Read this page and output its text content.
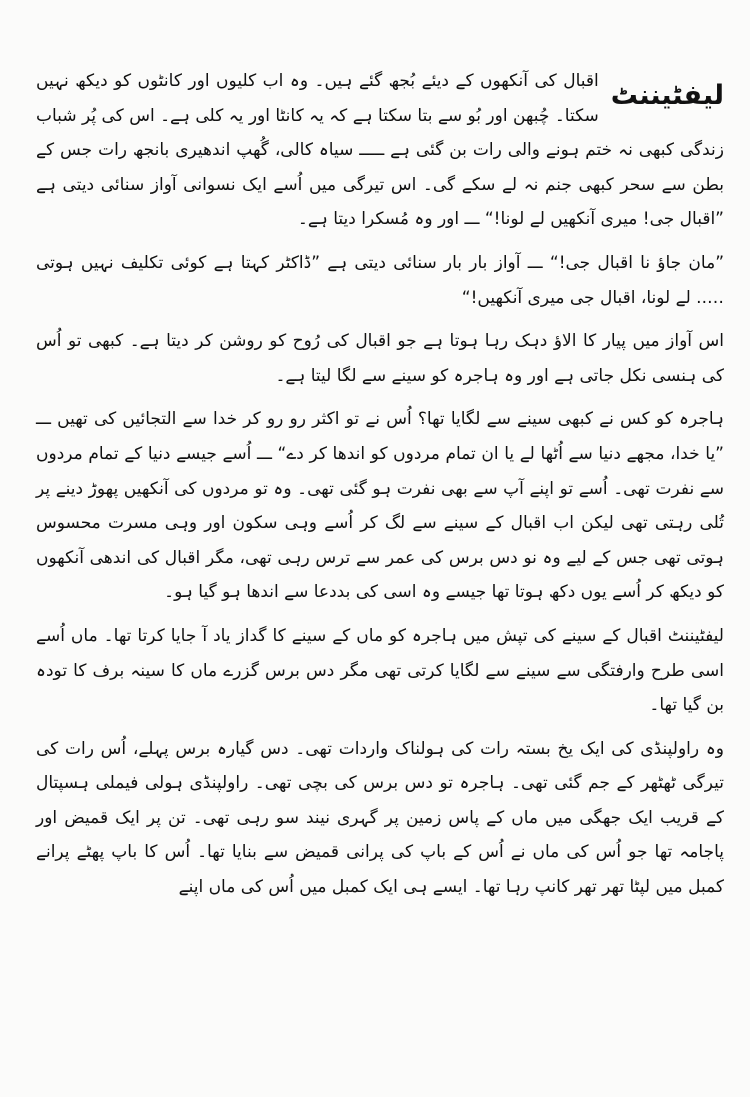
لیفٹیننٹ

اقبال کی آنکھوں کے دیئے بُجھ گئے ہیں۔ وہ اب کلیوں اور کانٹوں کو دیکھ نہیں سکتا۔ چُبھن اور بُو سے بتا سکتا ہے کہ یہ کانٹا اور یہ کلی ہے۔ اس کی پُر شباب زندگی کبھی نہ ختم ہونے والی رات بن گئی ہے ـــــ سیاہ کالی، گُھپ اندھیری بانجھ رات جس کے بطن سے سحر کبھی جنم نہ لے سکے گی۔ اس تیرگی میں اُسے ایک نسوانی آواز سنائی دیتی ہے ”اقبال جی! میری آنکھیں لے لونا!“ ـــ اور وہ مُسکرا دیتا ہے۔

”مان جاؤ نا اقبال جی!“ ـــ آواز بار بار سنائی دیتی ہے ”ڈاکٹر کہتا ہے کوئی تکلیف نہیں ہوتی ….. لے لونا، اقبال جی میری آنکھیں!“

اس آواز میں پیار کا الاؤ دہک رہا ہوتا ہے جو اقبال کی رُوح کو روشن کر دیتا ہے۔ کبھی تو اُس کی ہنسی نکل جاتی ہے اور وہ ہاجرہ کو سینے سے لگا لیتا ہے۔

ہاجرہ کو کس نے کبھی سینے سے لگایا تھا؟ اُس نے تو اکثر رو رو کر خدا سے التجائیں کی تھیں ـــ ”یا خدا، مجھے دنیا سے اُٹھا لے یا ان تمام مردوں کو اندھا کر دے“ ـــ اُسے جیسے دنیا کے تمام مردوں سے نفرت تھی۔ اُسے تو اپنے آپ سے بھی نفرت ہو گئی تھی۔ وہ تو مردوں کی آنکھیں پھوڑ دینے پر تُلی رہتی تھی لیکن اب اقبال کے سینے سے لگ کر اُسے وہی سکون اور وہی مسرت محسوس ہوتی تھی جس کے لیے وہ نو دس برس کی عمر سے ترس رہی تھی، مگر اقبال کی اندھی آنکھوں کو دیکھ کر اُسے یوں دکھ ہوتا تھا جیسے وہ اسی کی بددعا سے اندھا ہو گیا ہو۔

لیفٹیننٹ اقبال کے سینے کی تپش میں ہاجرہ کو ماں کے سینے کا گداز یاد آ جایا کرتا تھا۔ ماں اُسے اسی طرح وارفتگی سے سینے سے لگایا کرتی تھی مگر دس برس گزرے ماں کا سینہ برف کا تودہ بن گیا تھا۔

وہ راولپنڈی کی ایک یخ بستہ رات کی ہولناک واردات تھی۔ دس گیارہ برس پہلے، اُس رات کی تیرگی ٹھٹھر کے جم گئی تھی۔ ہاجرہ تو دس برس کی بچی تھی۔ راولپنڈی ہولی فیملی ہسپتال کے قریب ایک جھگی میں ماں کے پاس زمین پر گہری نیند سو رہی تھی۔ تن پر ایک قمیض اور پاجامہ تھا جو اُس کی ماں نے اُس کے باپ کی پرانی قمیض سے بنایا تھا۔ اُس کا باپ پھٹے پرانے کمبل میں لپٹا تھر تھر کانپ رہا تھا۔ ایسے ہی ایک کمبل میں اُس کی ماں اپنے
